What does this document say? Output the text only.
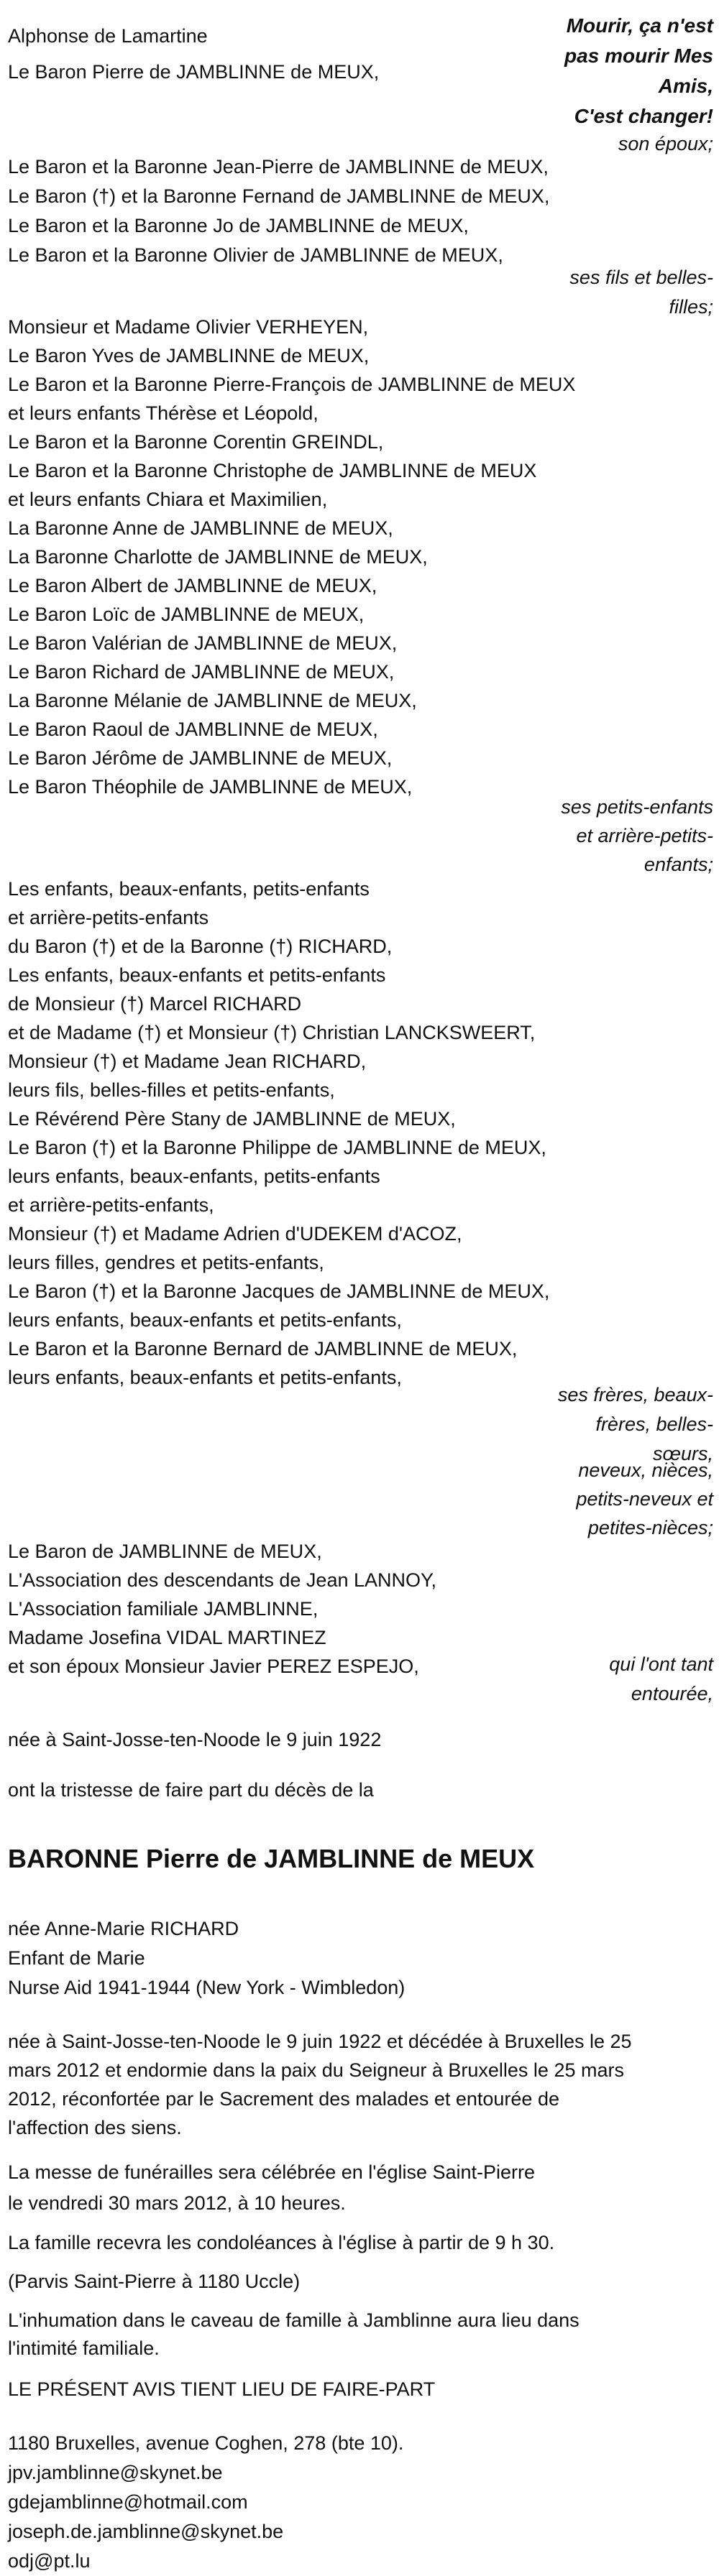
Alphonse de Lamartine
Le Baron Pierre de JAMBLINNE de MEUX,
Mourir, ça n'est
pas mourir Mes
Amis,
C'est changer!
son époux;
Le Baron et la Baronne Jean-Pierre de JAMBLINNE de MEUX,
Le Baron (†) et la Baronne Fernand de JAMBLINNE de MEUX,
Le Baron et la Baronne Jo de JAMBLINNE de MEUX,
Le Baron et la Baronne Olivier de JAMBLINNE de MEUX,
ses fils et belles-
filles;
Monsieur et Madame Olivier VERHEYEN,
Le Baron Yves de JAMBLINNE de MEUX,
Le Baron et la Baronne Pierre-François de JAMBLINNE de MEUX
et leurs enfants Thérèse et Léopold,
Le Baron et la Baronne Corentin GREINDL,
Le Baron et la Baronne Christophe de JAMBLINNE de MEUX
et leurs enfants Chiara et Maximilien,
La Baronne Anne de JAMBLINNE de MEUX,
La Baronne Charlotte de JAMBLINNE de MEUX,
Le Baron Albert de JAMBLINNE de MEUX,
Le Baron Loïc de JAMBLINNE de MEUX,
Le Baron Valérian de JAMBLINNE de MEUX,
Le Baron Richard de JAMBLINNE de MEUX,
La Baronne Mélanie de JAMBLINNE de MEUX,
Le Baron Raoul de JAMBLINNE de MEUX,
Le Baron Jérôme de JAMBLINNE de MEUX,
Le Baron Théophile de JAMBLINNE de MEUX,
ses petits-enfants
et arrière-petits-
enfants;
Les enfants, beaux-enfants, petits-enfants
et arrière-petits-enfants
du Baron (†) et de la Baronne (†) RICHARD,
Les enfants, beaux-enfants et petits-enfants
de Monsieur (†) Marcel RICHARD
et de Madame (†) et Monsieur (†) Christian LANCKSWEERT,
Monsieur (†) et Madame Jean RICHARD,
leurs fils, belles-filles et petits-enfants,
Le Révérend Père Stany de JAMBLINNE de MEUX,
Le Baron (†) et la Baronne Philippe de JAMBLINNE de MEUX,
leurs enfants, beaux-enfants, petits-enfants
et arrière-petits-enfants,
Monsieur (†) et Madame Adrien d'UDEKEM d'ACOZ,
leurs filles, gendres et petits-enfants,
Le Baron (†) et la Baronne Jacques de JAMBLINNE de MEUX,
leurs enfants, beaux-enfants et petits-enfants,
Le Baron et la Baronne Bernard de JAMBLINNE de MEUX,
leurs enfants, beaux-enfants et petits-enfants,
ses frères, beaux-
frères, belles-
sœurs,
neveux, nièces,
petits-neveux et
petites-nièces;
Le Baron de JAMBLINNE de MEUX,
L'Association des descendants de Jean LANNOY,
L'Association familiale JAMBLINNE,
Madame Josefina VIDAL MARTINEZ
et son époux Monsieur Javier PEREZ ESPEJO,	qui l'ont tant
entourée,
née à Saint-Josse-ten-Noode le 9 juin 1922
ont la tristesse de faire part du décès de la
BARONNE Pierre de JAMBLINNE de MEUX
née Anne-Marie RICHARD
Enfant de Marie
Nurse Aid 1941-1944 (New York - Wimbledon)
née à Saint-Josse-ten-Noode le 9 juin 1922 et décédée à Bruxelles le 25
mars 2012 et endormie dans la paix du Seigneur à Bruxelles le 25 mars
2012, réconfortée par le Sacrement des malades et entourée de
l'affection des siens.
La messe de funérailles sera célébrée en l'église Saint-Pierre
le vendredi 30 mars 2012, à 10 heures.
La famille recevra les condoléances à l'église à partir de 9 h 30.
(Parvis Saint-Pierre à 1180 Uccle)
L'inhumation dans le caveau de famille à Jamblinne aura lieu dans
l'intimité familiale.
LE PRÉSENT AVIS TIENT LIEU DE FAIRE-PART
1180 Bruxelles, avenue Coghen, 278 (bte 10).
jpv.jamblinne@skynet.be
gdejamblinne@hotmail.com
joseph.de.jamblinne@skynet.be
odj@pt.lu
